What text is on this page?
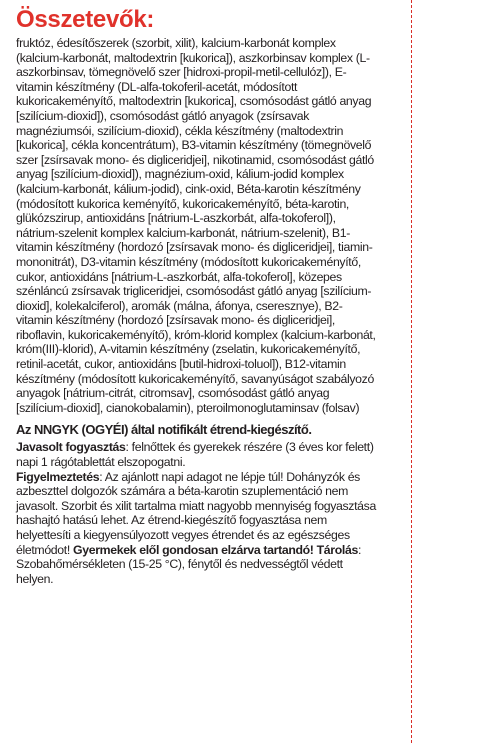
Összetevők:

fruktóz, édesítőszerek (szorbit, xilit), kalcium-karbonát komplex (kalcium-karbonát, maltodextrin [kukorica]), aszkorbinsav komplex (L-aszkorbinsav, tömegnövelő szer [hidroxi-propil-metil-cellulóz]), E-vitamin készítmény (DL-alfa-tokoferil-acetát, módosított kukoricakeményítő, maltodextrin [kukorica], csomósodást gátló anyag [szilícium-dioxid]), csomósodást gátló anyagok (zsírsavak magnéziumsói, szilícium-dioxid), cékla készítmény (maltodextrin [kukorica], cékla koncentrátum), B3-vitamin készítmény (tömegnövelő szer [zsírsavak mono- és digliceridjei], nikotinamid, csomósodást gátló anyag [szilícium-dioxid]), magnézium-oxid, kálium-jodid komplex (kalcium-karbonát, kálium-jodid), cink-oxid, Béta-karotin készítmény (módosított kukorica keményítő, kukoricakeményítő, béta-karotin, glükózszirup, antioxidáns [nátrium-L-aszkorbát, alfa-tokoferol]), nátrium-szelenit komplex kalcium-karbonát, nátrium-szelenit), B1-vitamin készítmény (hordozó [zsírsavak mono- és digliceridjei], tiamin-mononitrát), D3-vitamin készítmény (módosított kukoricakeményítő, cukor, antioxidáns [nátrium-L-aszkorbát, alfa-tokoferol], közepes szénláncú zsírsavak trigliceridjei, csomósodást gátló anyag [szilícium-dioxid], kolekalciferol), aromák (málna, áfonya, cseresznye), B2-vitamin készítmény (hordozó [zsírsavak mono- és digliceridjei], riboflavin, kukoricakeményítő), króm-klorid komplex (kalcium-karbonát, króm(III)-klorid), A-vitamin készítmény (zselatin, kukoricakeményítő, retinil-acetát, cukor, antioxidáns [butil-hidroxi-toluol]), B12-vitamin készítmény (módosított kukoricakeményítő, savanyúságot szabályozó anyagok [nátrium-citrát, citromsav], csomósodást gátló anyag [szilícium-dioxid], cianokobalamin), pteroilmonoglutaminsav (folsav)

Az NNGYK (OGYÉI) által notifikált étrend-kiegészítő.

Javasolt fogyasztás: felnőttek és gyerekek részére (3 éves kor felett) napi 1 rágótablettát elszopogatni.
Figyelmeztetés: Az ajánlott napi adagot ne lépje túl! Dohányzók és azbeszttel dolgozók számára a béta-karotin szuplementáció nem javasolt. Szorbit és xilit tartalma miatt nagyobb mennyiség fogyasztása hashajtó hatású lehet. Az étrend-kiegészítő fogyasztása nem helyettesíti a kiegyensúlyozott vegyes étrendet és az egészséges életmódot! Gyermekek elől gondosan elzárva tartandó! Tárolás: Szobahőmérsékleten (15-25 °C), fénytől és nedvességtől védett helyen.
